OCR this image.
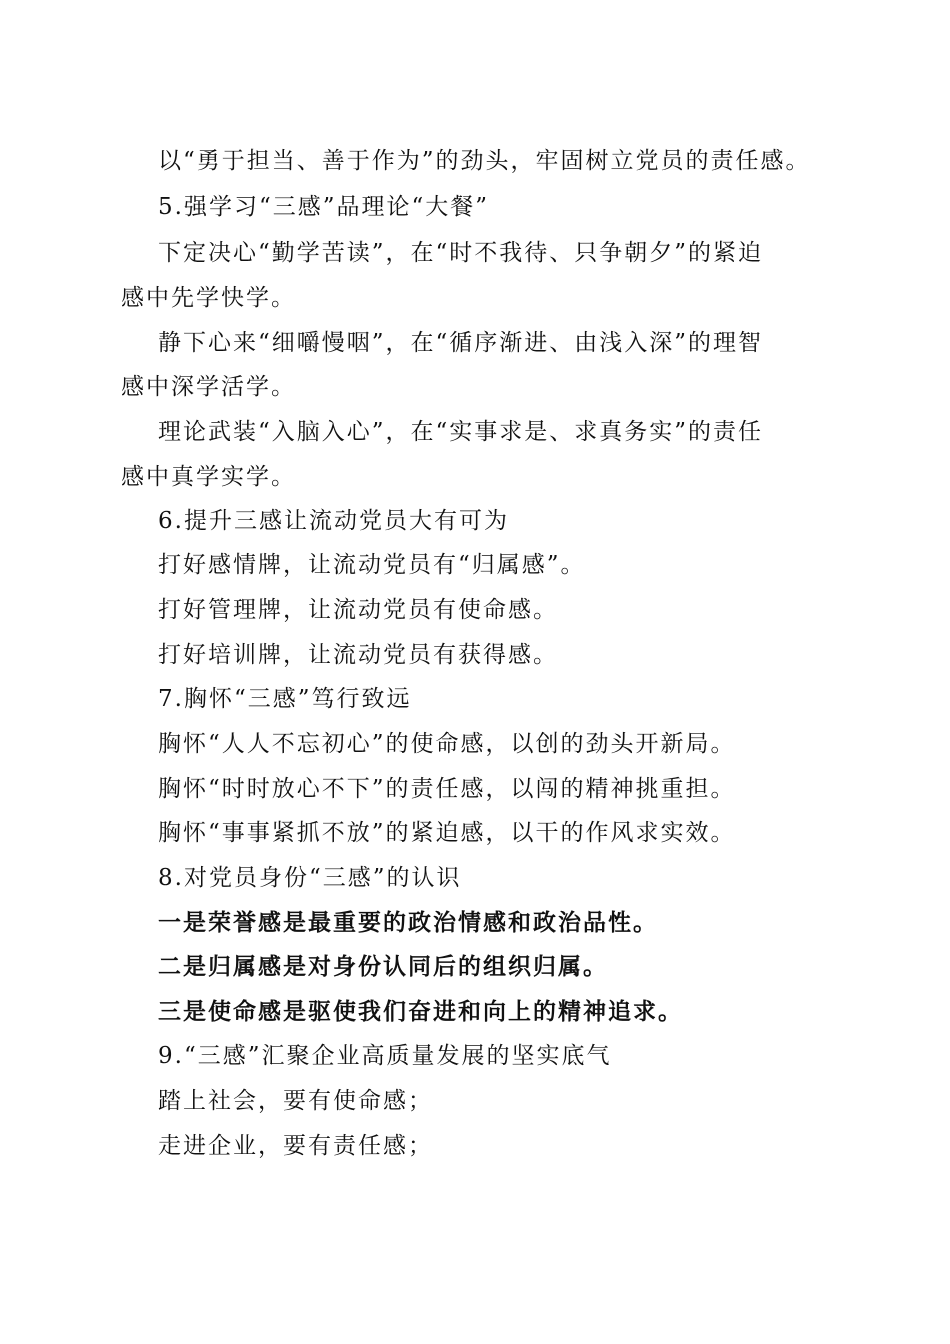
以“勇于担当、善于作为”的劲头，牢固树立党员的责任感。
5.强学习“三感”品理论“大餐”
下定决心“勤学苦读”，在“时不我待、只争朝夕”的紧迫
感中先学快学。
静下心来“细嚼慢咽”，在“循序渐进、由浅入深”的理智
感中深学活学。
理论武装“入脑入心”，在“实事求是、求真务实”的责任
感中真学实学。
6.提升三感让流动党员大有可为
打好感情牌，让流动党员有“归属感”。
打好管理牌，让流动党员有使命感。
打好培训牌，让流动党员有获得感。
7.胸怀“三感”笃行致远
胸怀“人人不忘初心”的使命感，以创的劲头开新局。
胸怀“时时放心不下”的责任感，以闯的精神挑重担。
胸怀“事事紧抓不放”的紧迫感，以干的作风求实效。
8.对党员身份“三感”的认识
一是荣誉感是最重要的政治情感和政治品性。
二是归属感是对身份认同后的组织归属。
三是使命感是驱使我们奋进和向上的精神追求。
9.“三感”汇聚企业高质量发展的坚实底气
踏上社会，要有使命感；
走进企业，要有责任感；
